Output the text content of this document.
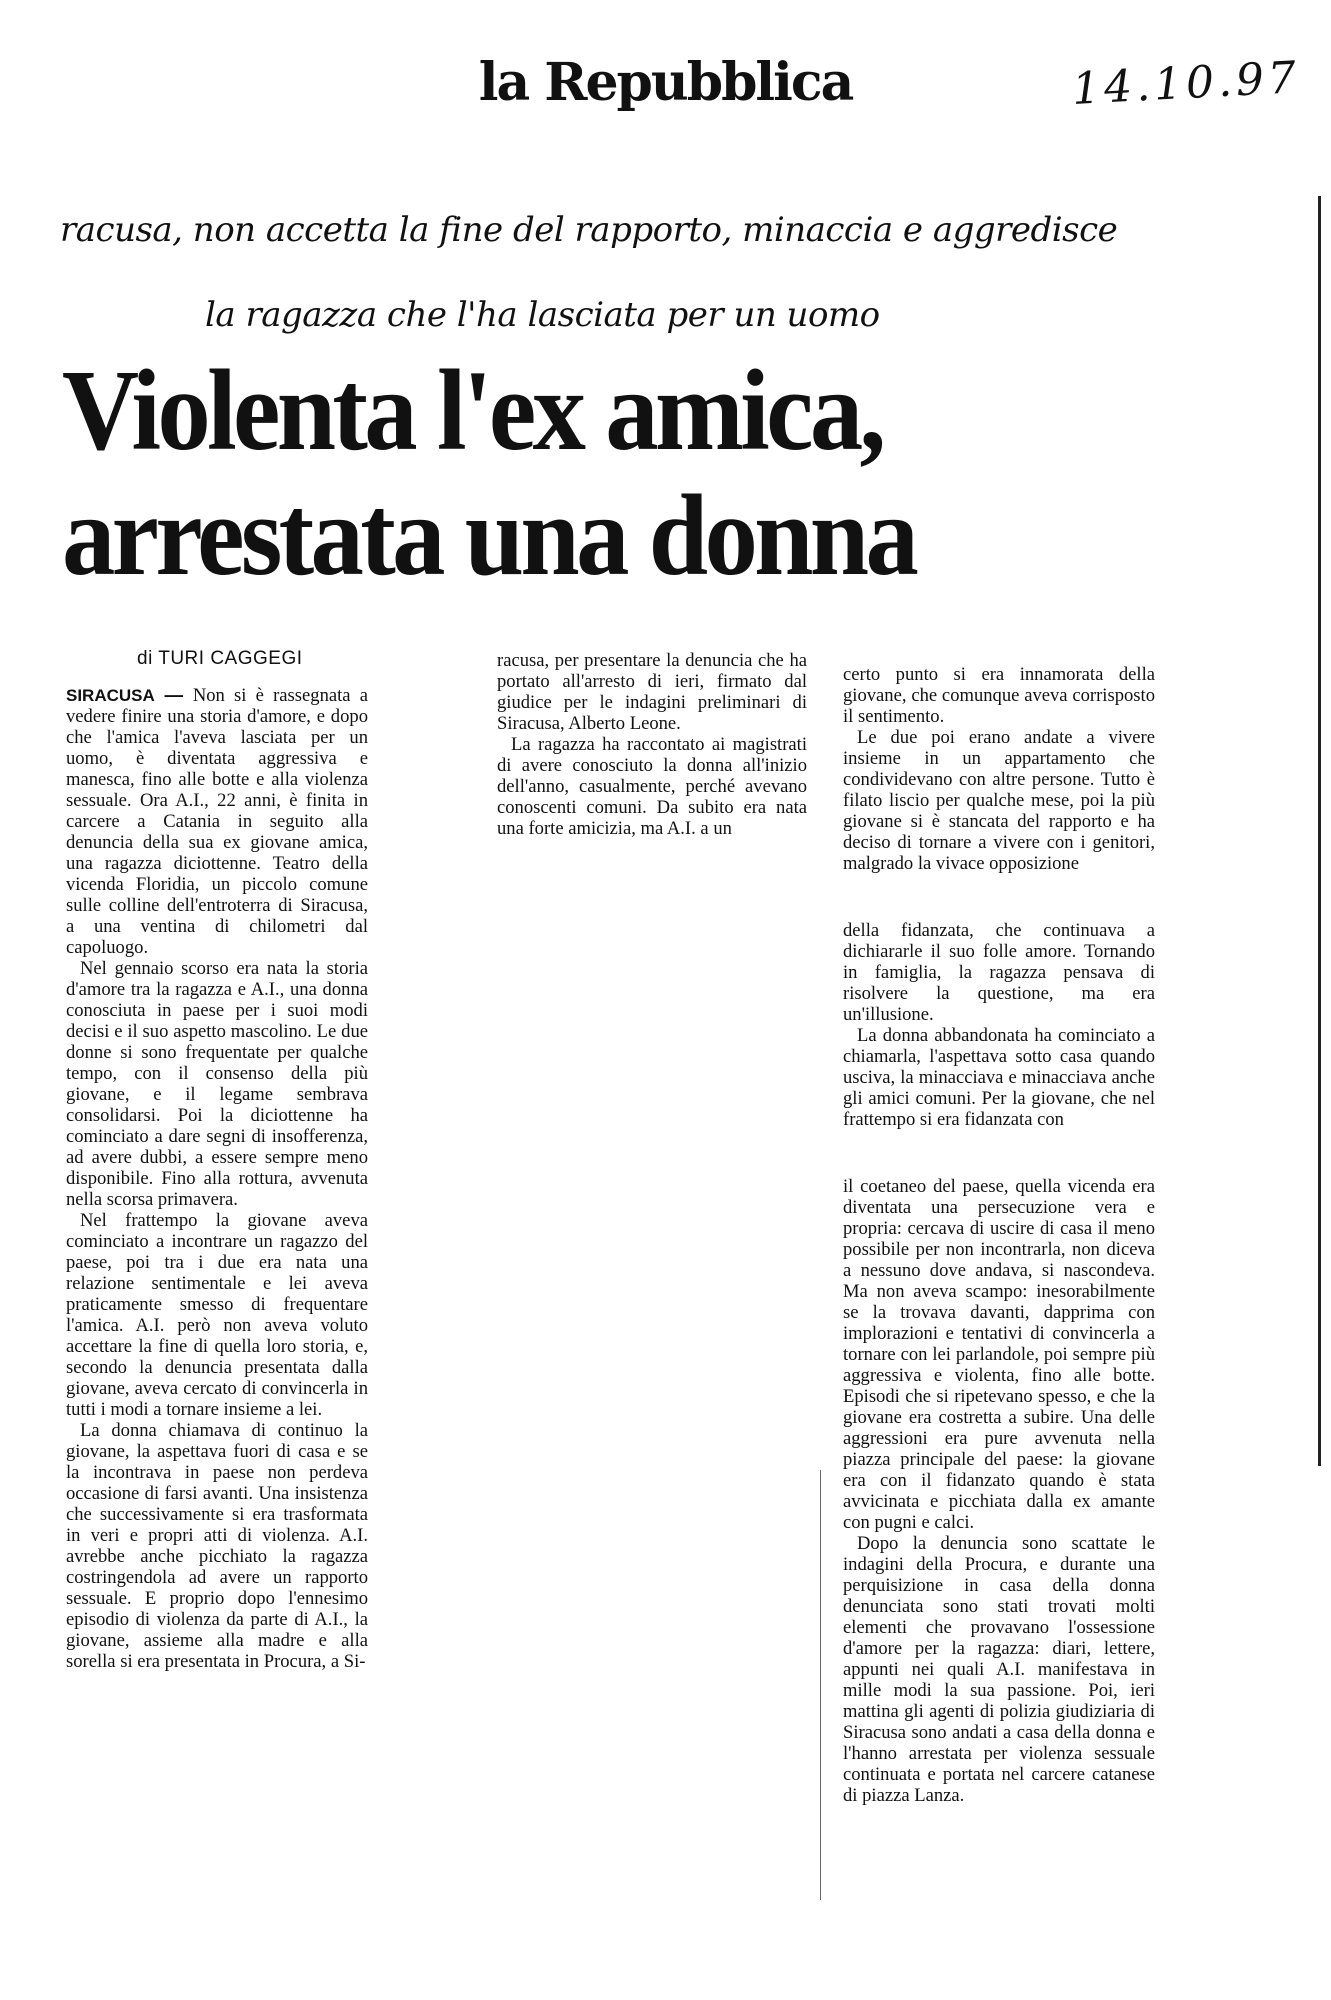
la Repubblica	14.10.97
racusa, non accetta la fine del rapporto, minaccia e aggredisce
la ragazza che l'ha lasciata per un uomo
Violenta l'ex amica,
arrestata una donna
di TURI CAGGEGI

SIRACUSA — Non si è rassegnata a vedere finire una storia d'amore, e dopo che l'amica l'aveva lasciata per un uomo, è diventata aggressiva e manesca, fino alle botte e alla violenza sessuale. Ora A.I., 22 anni, è finita in carcere a Catania in seguito alla denuncia della sua ex giovane amica, una ragazza diciottenne. Teatro della vicenda Floridia, un piccolo comune sulle colline dell'entroterra di Siracusa, a una ventina di chilometri dal capoluogo.

Nel gennaio scorso era nata la storia d'amore tra la ragazza e A.I., una donna conosciuta in paese per i suoi modi decisi e il suo aspetto mascolino. Le due donne si sono frequentate per qualche tempo, con il consenso della più giovane, e il legame sembrava consolidarsi. Poi la diciottenne ha cominciato a dare segni di insofferenza, ad avere dubbi, a essere sempre meno disponibile. Fino alla rottura, avvenuta nella scorsa primavera.

Nel frattempo la giovane aveva cominciato a incontrare un ragazzo del paese, poi tra i due era nata una relazione sentimentale e lei aveva praticamente smesso di frequentare l'amica. A.I. però non aveva voluto accettare la fine di quella loro storia, e, secondo la denuncia presentata dalla giovane, aveva cercato di convincerla in tutti i modi a tornare insieme a lei.

La donna chiamava di continuo la giovane, la aspettava fuori di casa e se la incontrava in paese non perdeva occasione di farsi avanti. Una insistenza che successivamente si era trasformata in veri e propri atti di violenza. A.I. avrebbe anche picchiato la ragazza costringendola ad avere un rapporto sessuale. E proprio dopo l'ennesimo episodio di violenza da parte di A.I., la giovane, assieme alla madre e alla sorella si era presentata in Procura, a Si-

racusa, per presentare la denuncia che ha portato all'arresto di ieri, firmato dal giudice per le indagini preliminari di Siracusa, Alberto Leone.

La ragazza ha raccontato ai magistrati di avere conosciuto la donna all'inizio dell'anno, casualmente, perché avevano conoscenti comuni. Da subito era nata una forte amicizia, ma A.I. a un

certo punto si era innamorata della giovane, che comunque aveva corrisposto il sentimento.

Le due poi erano andate a vivere insieme in un appartamento che condividevano con altre persone. Tutto è filato liscio per qualche mese, poi la più giovane si è stancata del rapporto e ha deciso di tornare a vivere con i genitori, malgrado la vivace opposizione

della fidanzata, che continuava a dichiararle il suo folle amore. Tornando in famiglia, la ragazza pensava di risolvere la questione, ma era un'illusione.

La donna abbandonata ha cominciato a chiamarla, l'aspettava sotto casa quando usciva, la minacciava e minacciava anche gli amici comuni. Per la giovane, che nel frattempo si era fidanzata con

il coetaneo del paese, quella vicenda era diventata una persecuzione vera e propria: cercava di uscire di casa il meno possibile per non incontrarla, non diceva a nessuno dove andava, si nascondeva. Ma non aveva scampo: inesorabilmente se la trovava davanti, dapprima con implorazioni e tentativi di convincerla a tornare con lei parlandole, poi sempre più aggressiva e violenta, fino alle botte. Episodi che si ripetevano spesso, e che la giovane era costretta a subire. Una delle aggressioni era pure avvenuta nella piazza principale del paese: la giovane era con il fidanzato quando è stata avvicinata e picchiata dalla ex amante con pugni e calci.

Dopo la denuncia sono scattate le indagini della Procura, e durante una perquisizione in casa della donna denunciata sono stati trovati molti elementi che provavano l'ossessione d'amore per la ragazza: diari, lettere, appunti nei quali A.I. manifestava in mille modi la sua passione. Poi, ieri mattina gli agenti di polizia giudiziaria di Siracusa sono andati a casa della donna e l'hanno arrestata per violenza sessuale continuata e portata nel carcere catanese di piazza Lanza.
